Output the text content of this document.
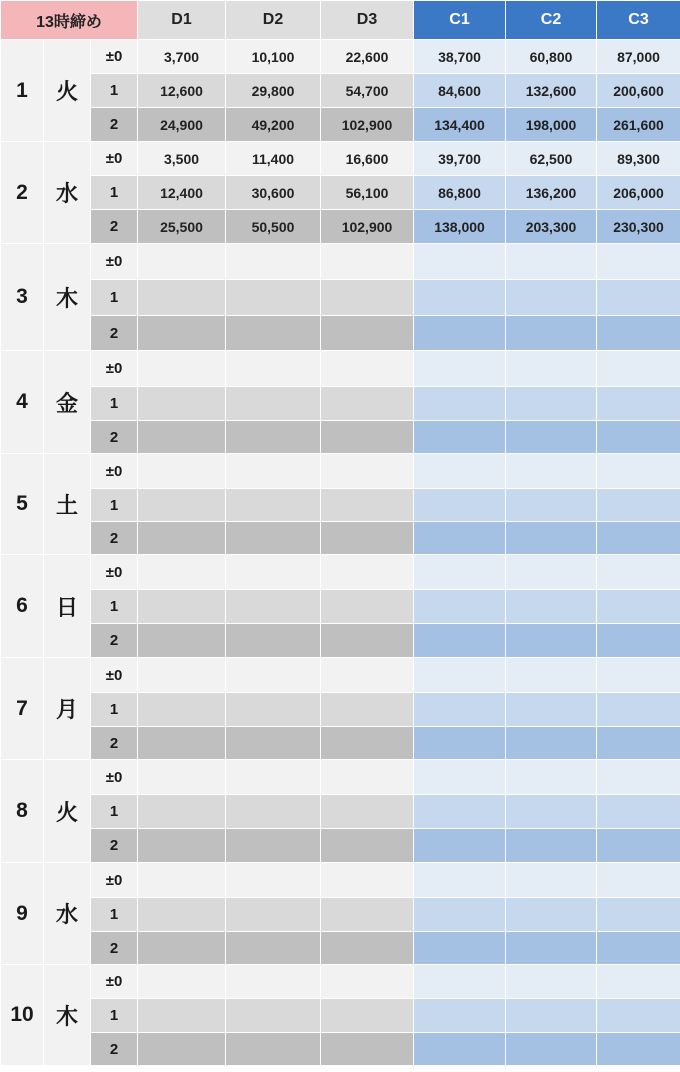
13時締め			D1	D2	D3	C1	C2	C3
1	火	±0	3,700	10,100	22,600	38,700	60,800	87,000
		1	12,600	29,800	54,700	84,600	132,600	200,600
		2	24,900	49,200	102,900	134,400	198,000	261,600
2	水	±0	3,500	11,400	16,600	39,700	62,500	89,300
		1	12,400	30,600	56,100	86,800	136,200	206,000
		2	25,500	50,500	102,900	138,000	203,300	230,300
3	木	±0						
		1						
		2						
4	金	±0						
		1						
		2						
5	土	±0						
		1						
		2						
6	日	±0						
		1						
		2						
7	月	±0						
		1						
		2						
8	火	±0						
		1						
		2						
9	水	±0						
		1						
		2						
10	木	±0						
		1						
		2						
